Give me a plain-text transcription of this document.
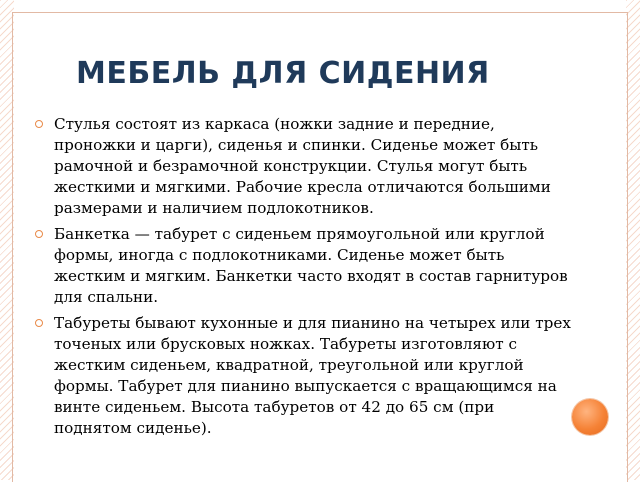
МЕБЕЛЬ ДЛЯ СИДЕНИЯ
Стулья состоят из каркаса (ножки задние и передние, проножки и царги), сиденья и спинки. Сиденье может быть рамочной и безрамочной конструкции. Стулья могут быть жесткими и мягкими. Рабочие кресла отличаются большими размерами и наличием подлокотников.
Банкетка — табурет с сиденьем прямоугольной или круглой формы, иногда с подлокотниками. Сиденье может быть жестким и мягким. Банкетки часто входят в состав гарнитуров для спальни.
Табуреты бывают кухонные и для пианино на четырех или трех точеных или брусковых ножках. Табуреты изготовляют с жестким сиденьем, квадратной, треугольной или круглой формы. Табурет для пианино выпускается с вращающимся на винте сиденьем. Высота табуретов от 42 до 65 см (при поднятом сиденье).
